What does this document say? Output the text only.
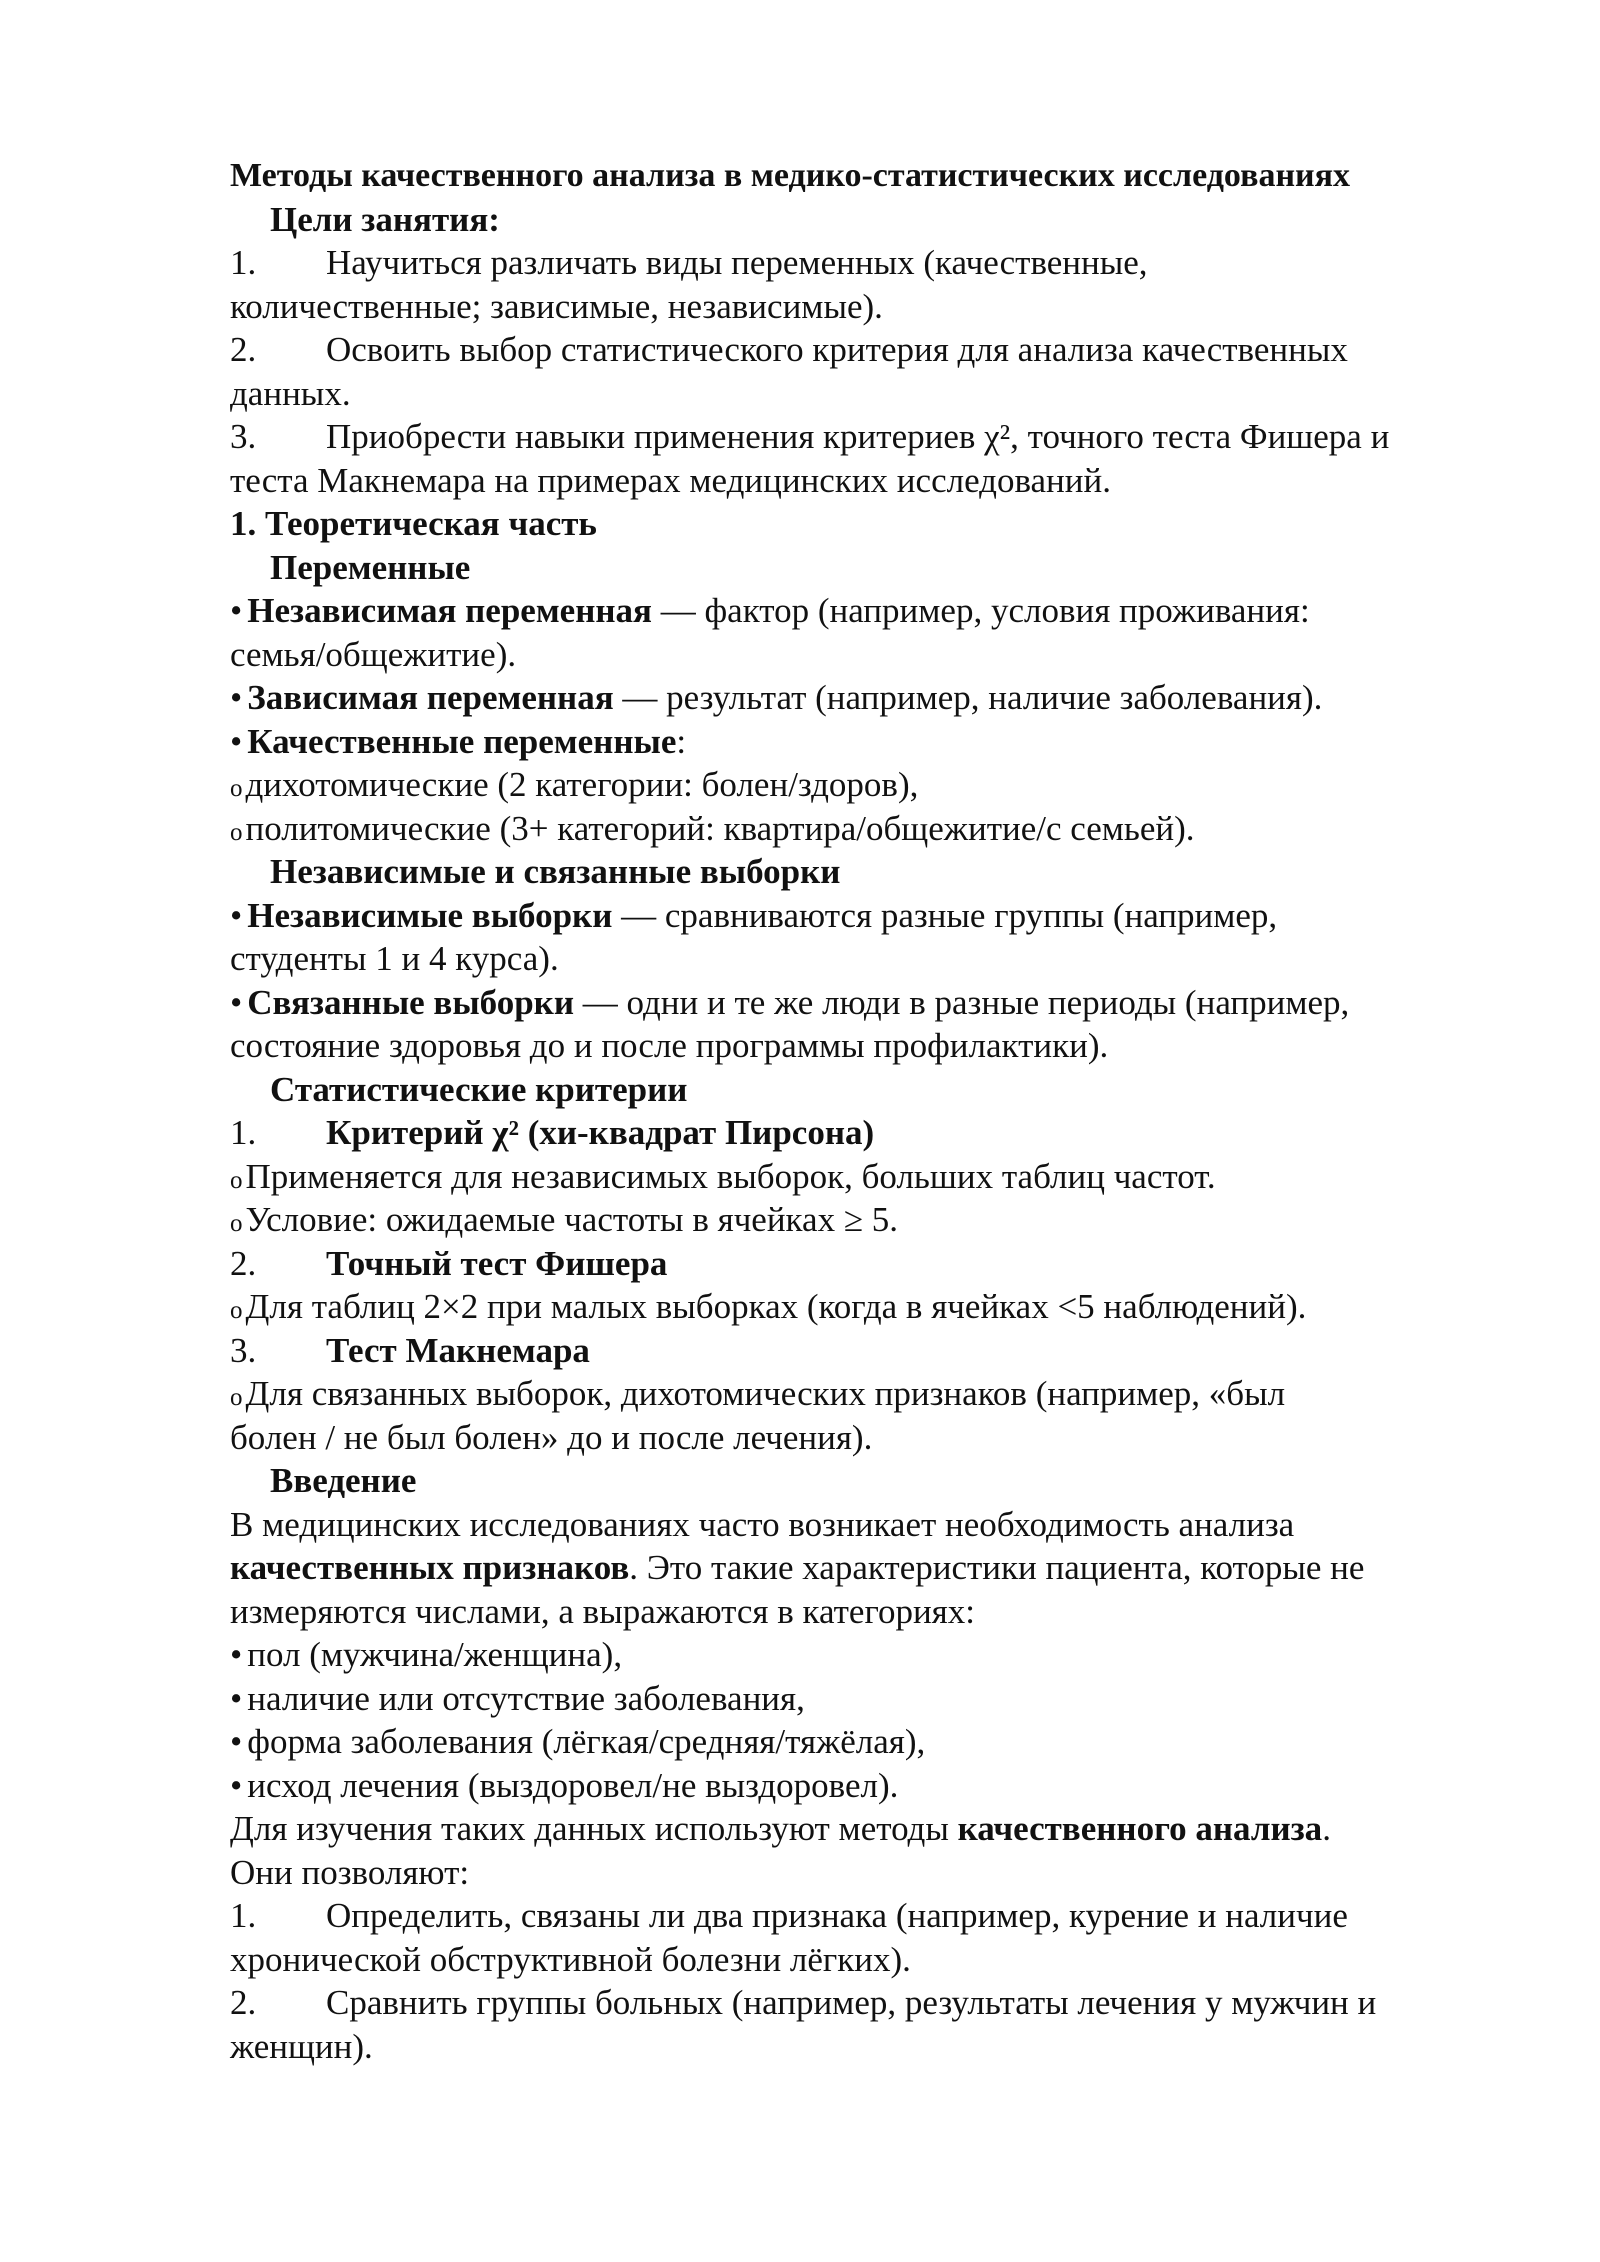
Методы качественного анализа в медико-статистических исследованиях
Цели занятия:
1. Научиться различать виды переменных (качественные,
количественные; зависимые, независимые).
2. Освоить выбор статистического критерия для анализа качественных
данных.
3. Приобрести навыки применения критериев χ², точного теста Фишера и
теста Макнемара на примерах медицинских исследований.
1. Теоретическая часть
Переменные
• Независимая переменная — фактор (например, условия проживания:
семья/общежитие).
• Зависимая переменная — результат (например, наличие заболевания).
• Качественные переменные:
oдихотомические (2 категории: болен/здоров),
oполитомические (3+ категорий: квартира/общежитие/с семьей).
Независимые и связанные выборки
• Независимые выборки — сравниваются разные группы (например,
студенты 1 и 4 курса).
• Связанные выборки — одни и те же люди в разные периоды (например,
состояние здоровья до и после программы профилактики).
Статистические критерии
1. Критерий χ² (хи-квадрат Пирсона)
oПрименяется для независимых выборок, больших таблиц частот.
oУсловие: ожидаемые частоты в ячейках ≥ 5.
2. Точный тест Фишера
oДля таблиц 2×2 при малых выборках (когда в ячейках <5 наблюдений).
3. Тест Макнемара
oДля связанных выборок, дихотомических признаков (например, «был
болен / не был болен» до и после лечения).
Введение
В медицинских исследованиях часто возникает необходимость анализа
качественных признаков. Это такие характеристики пациента, которые не
измеряются числами, а выражаются в категориях:
• пол (мужчина/женщина),
• наличие или отсутствие заболевания,
• форма заболевания (лёгкая/средняя/тяжёлая),
• исход лечения (выздоровел/не выздоровел).
Для изучения таких данных используют методы качественного анализа.
Они позволяют:
1. Определить, связаны ли два признака (например, курение и наличие
хронической обструктивной болезни лёгких).
2. Сравнить группы больных (например, результаты лечения у мужчин и
женщин).
